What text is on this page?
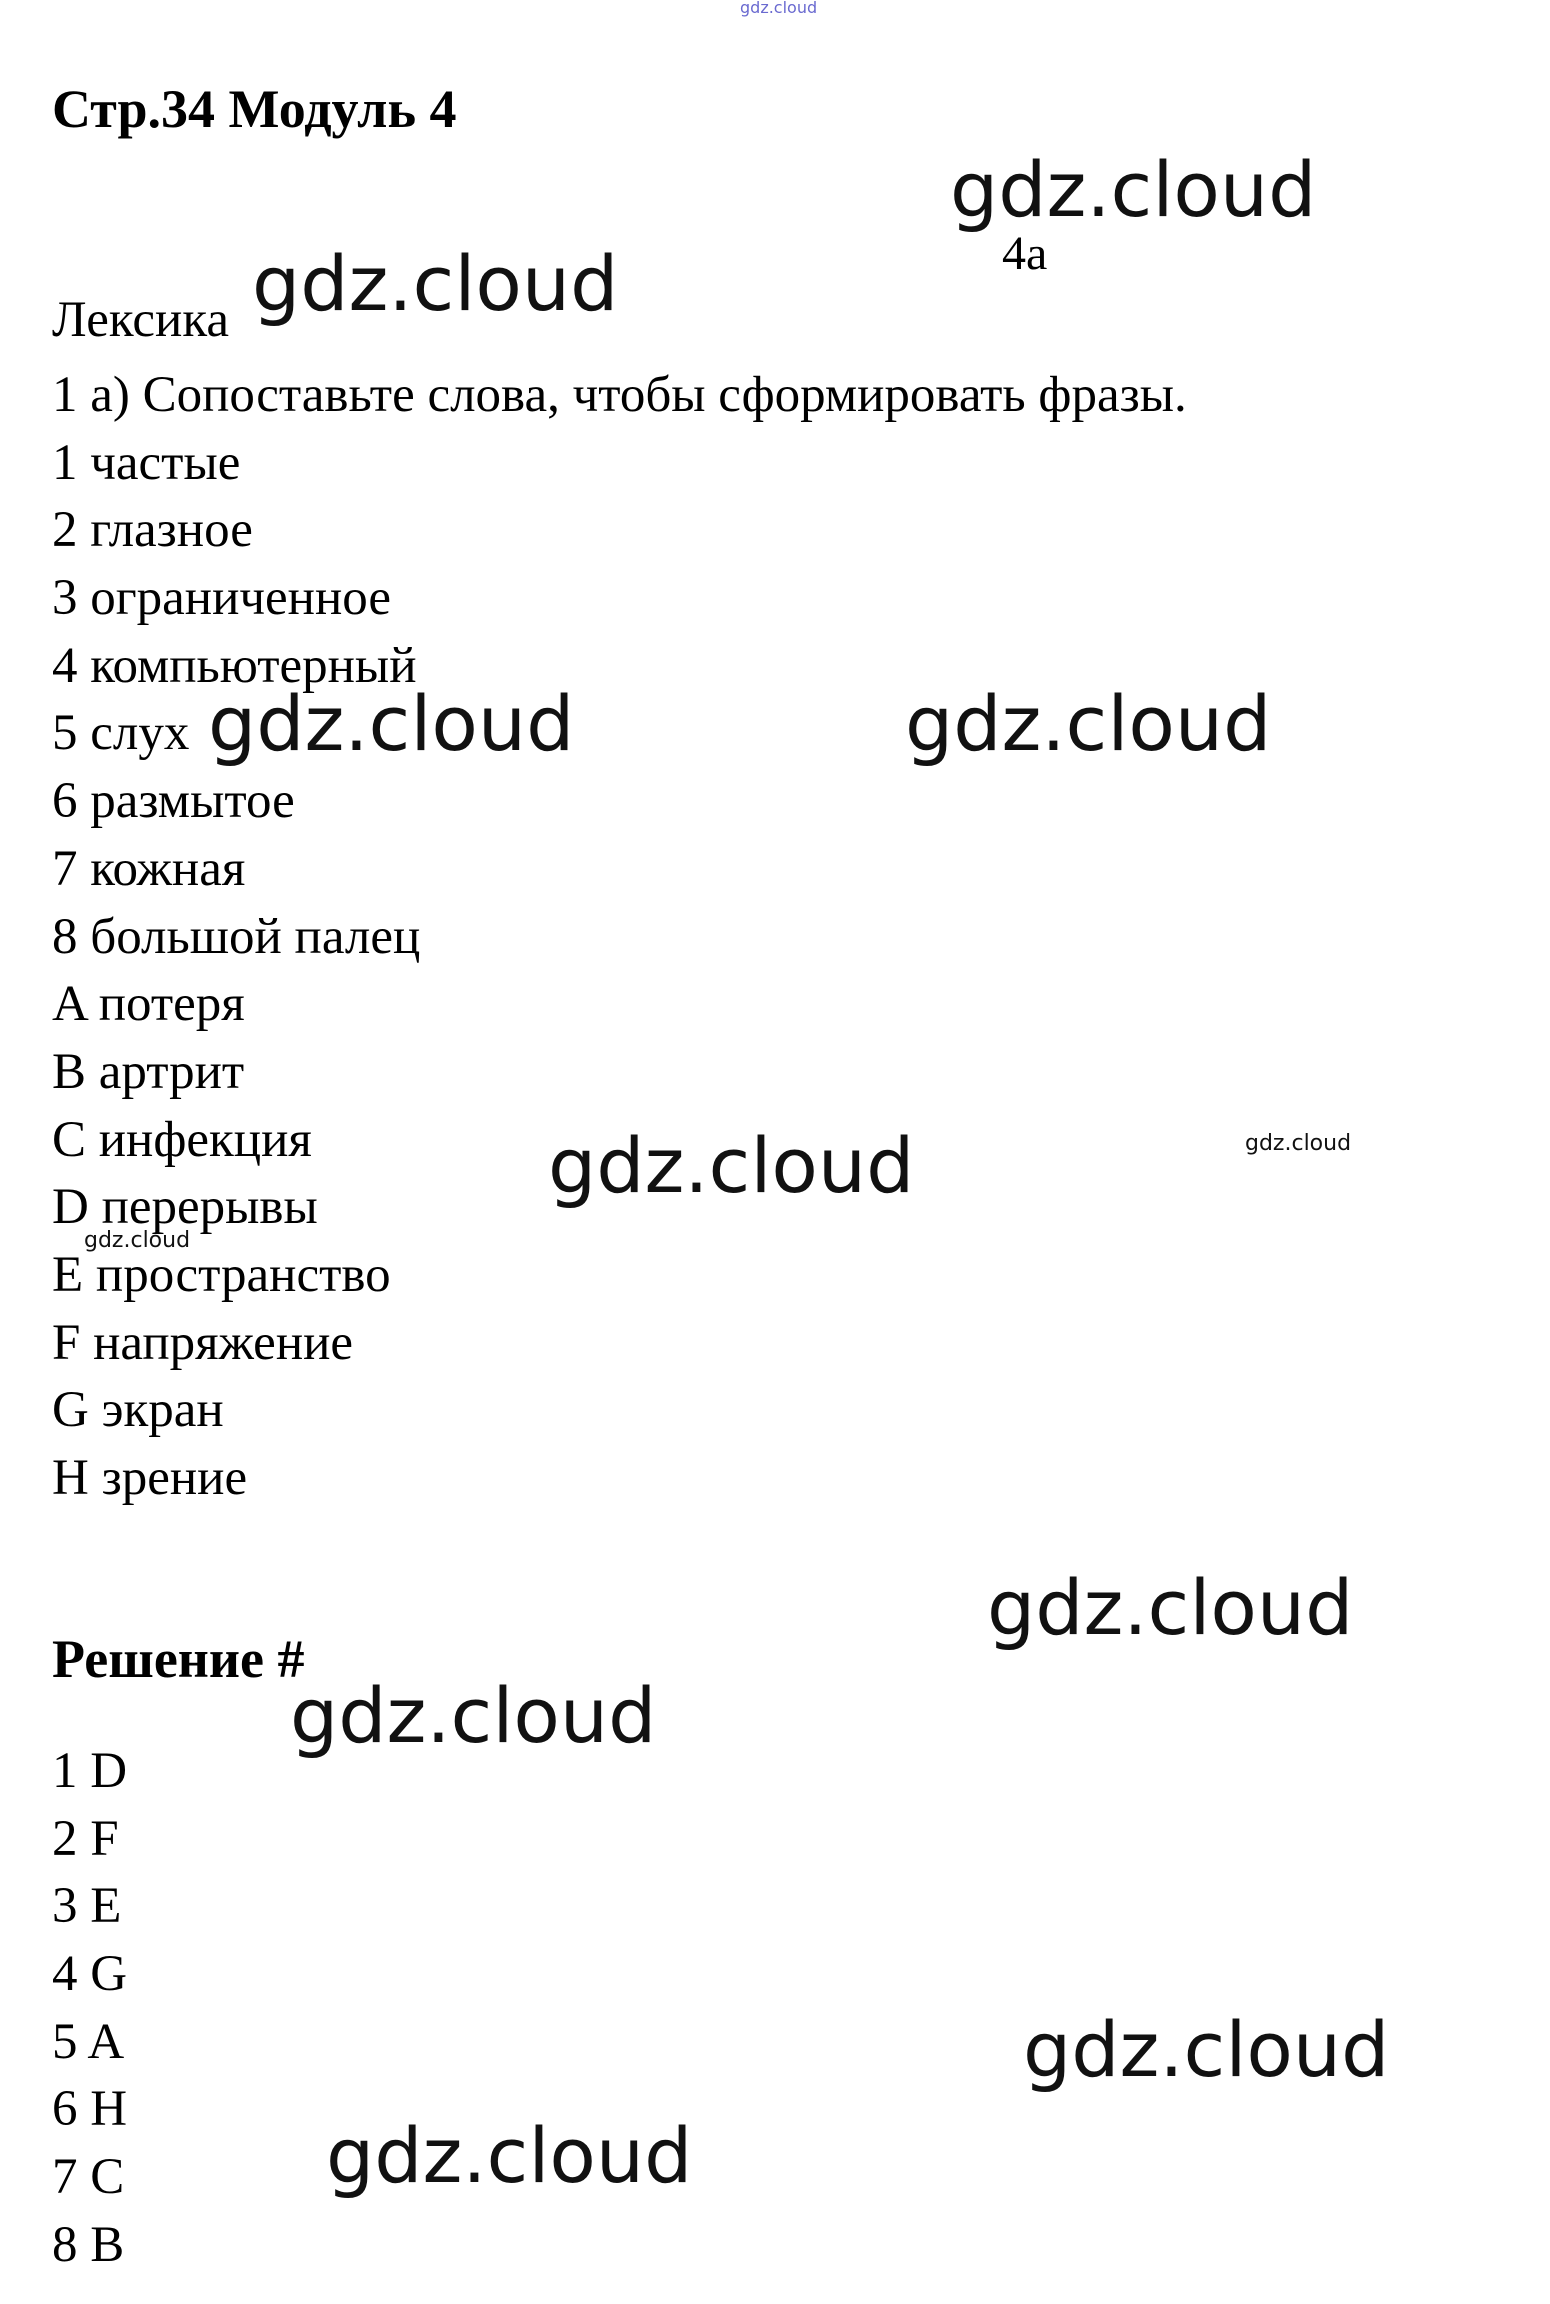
Стр.34 Модуль 4
4a
Лексика
1 a) Сопоставьте слова, чтобы сформировать фразы.
1 частые
2 глазное
3 ограниченное
4 компьютерный
5 слух
6 размытое
7 кожная
8 большой палец
A потеря
B артрит
C инфекция
D перерывы
E пространство
F напряжение
G экран
H зрение
Решение #
1 D
2 F
3 E
4 G
5 A
6 H
7 C
8 B
gdz.cloud
gdz.cloud
gdz.cloud
gdz.cloud	gdz.cloud
gdz.cloud	gdz.cloud
gdz.cloud
gdz.cloud
gdz.cloud
gdz.cloud
gdz.cloud
